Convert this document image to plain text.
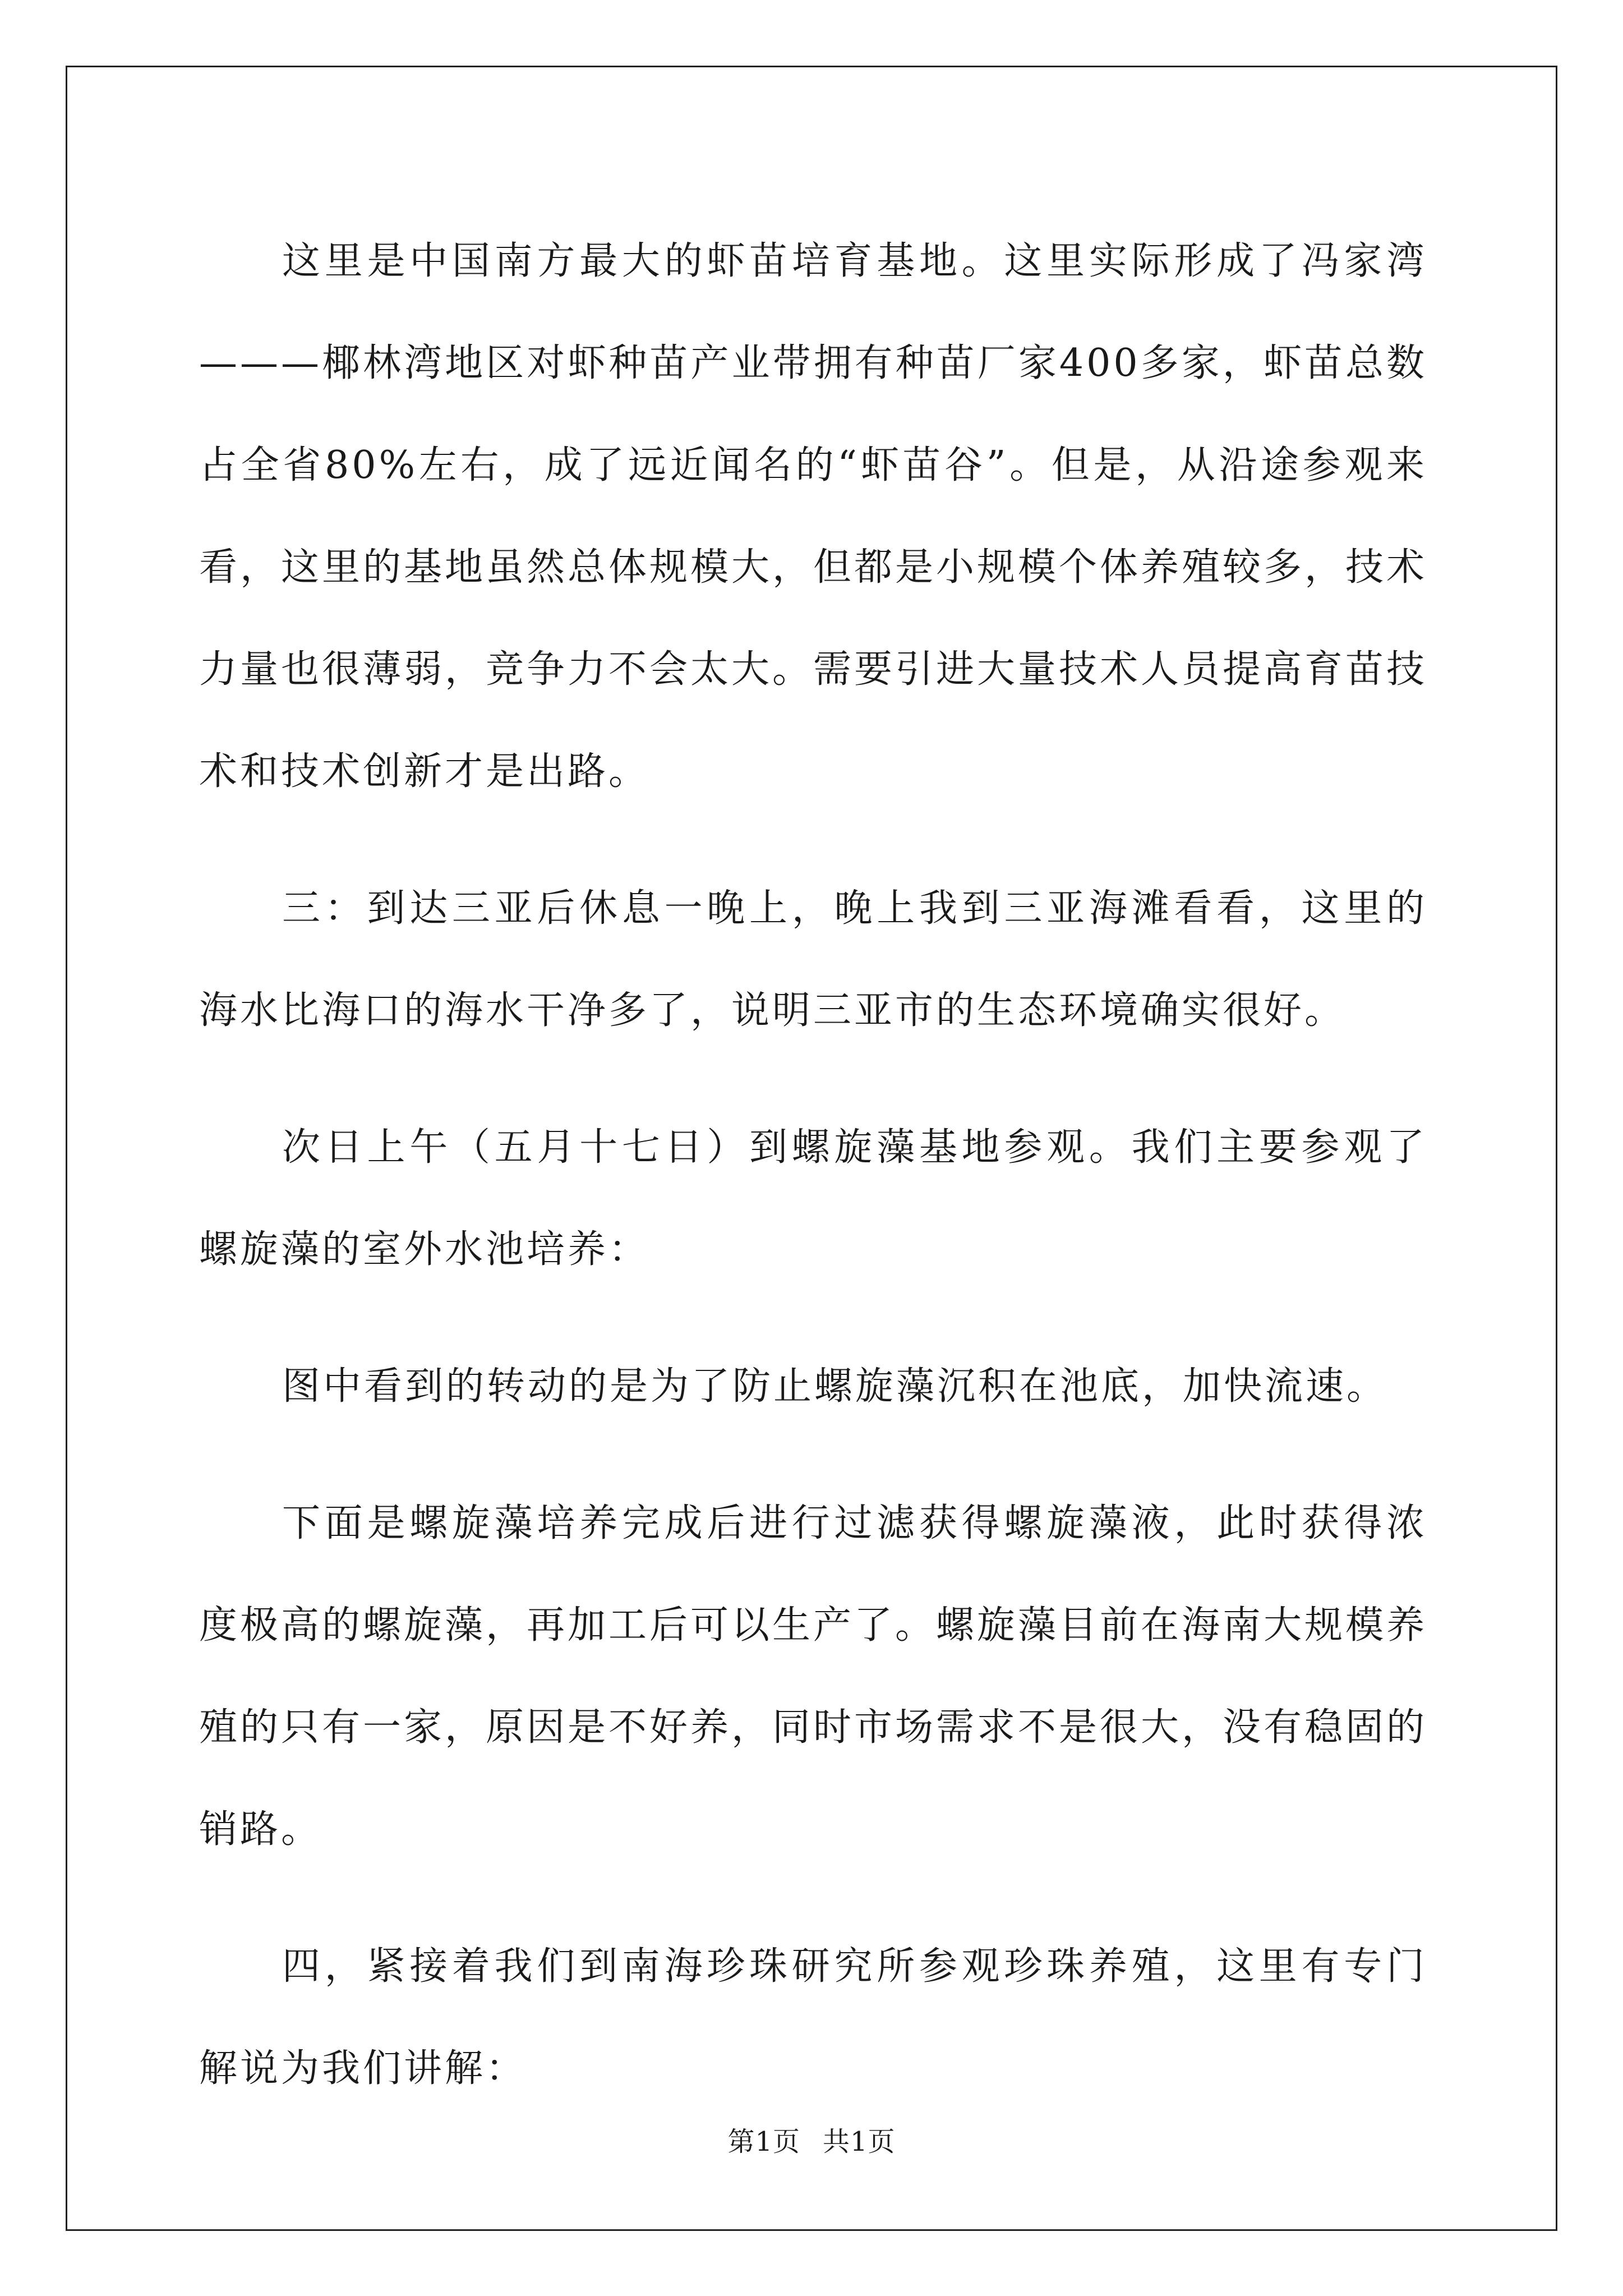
这里是中国南方最大的虾苗培育基地。这里实际形成了冯家湾———椰林湾地区对虾种苗产业带拥有种苗厂家400多家，虾苗总数占全省80%左右，成了远近闻名的“虾苗谷”。但是，从沿途参观来看，这里的基地虽然总体规模大，但都是小规模个体养殖较多，技术力量也很薄弱，竞争力不会太大。需要引进大量技术人员提高育苗技术和技术创新才是出路。

三：到达三亚后休息一晚上，晚上我到三亚海滩看看，这里的海水比海口的海水干净多了，说明三亚市的生态环境确实很好。

次日上午（五月十七日）到螺旋藻基地参观。我们主要参观了螺旋藻的室外水池培养：

图中看到的转动的是为了防止螺旋藻沉积在池底，加快流速。

下面是螺旋藻培养完成后进行过滤获得螺旋藻液，此时获得浓度极高的螺旋藻，再加工后可以生产了。螺旋藻目前在海南大规模养殖的只有一家，原因是不好养，同时市场需求不是很大，没有稳固的销路。

四，紧接着我们到南海珍珠研究所参观珍珠养殖，这里有专门解说为我们讲解：

第1页 共1页
